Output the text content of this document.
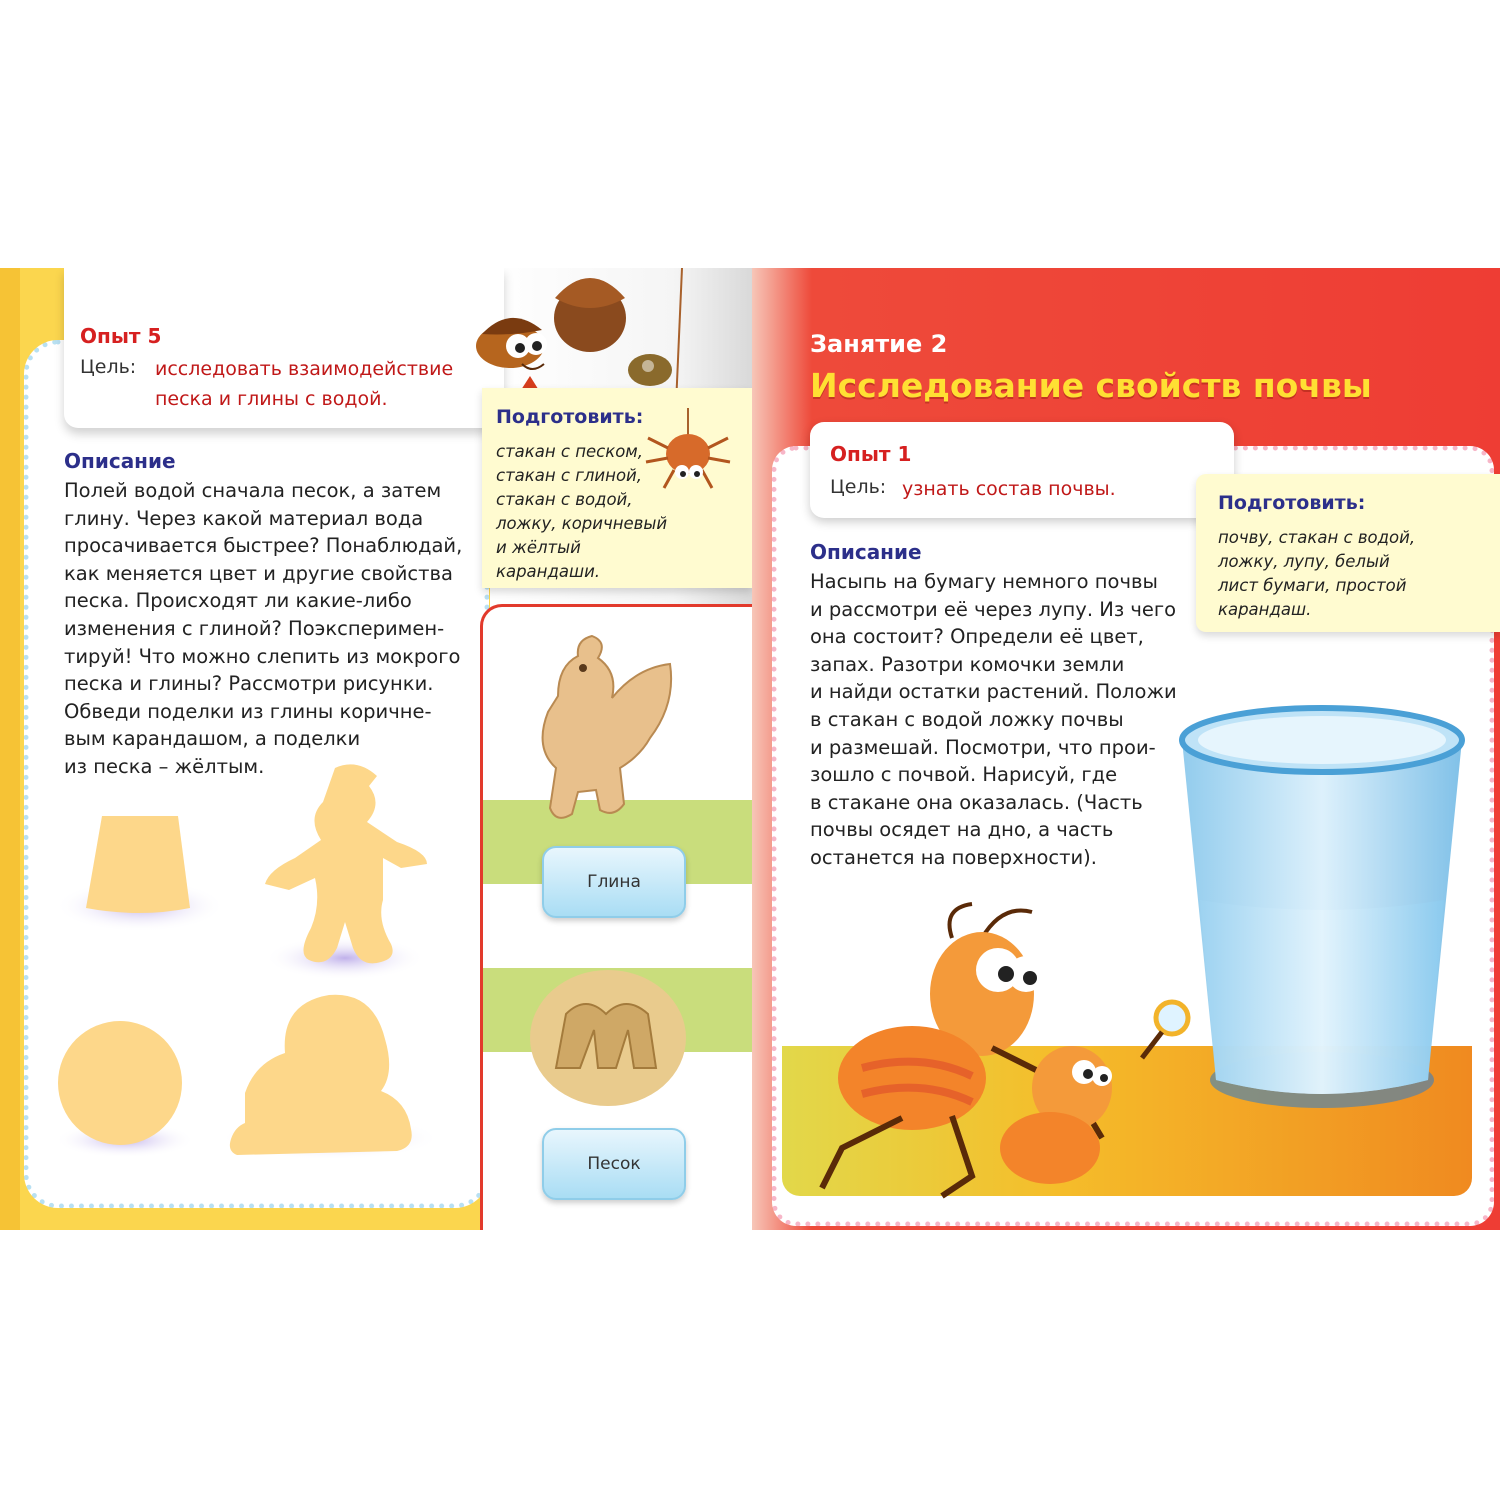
Опыт 5
Цель: исследовать взаимодействие
песка и глины с водой.
Описание
Полей водой сначала песок, а затем
глину. Через какой материал вода
просачивается быстрее? Понаблюдай,
как меняется цвет и другие свойства
песка. Происходят ли какие-либо
изменения с глиной? Поэксперимен-
тируй! Что можно слепить из мокрого
песка и глины? Рассмотри рисунки.
Обведи поделки из глины коричне-
вым карандашом, а поделки
из песка – жёлтым.
Подготовить:
стакан с песком,
стакан с глиной,
стакан с водой,
ложку, коричневый
и жёлтый
карандаши.
Глина
Песок
Занятие 2
Исследование свойств почвы
Опыт 1
Цель: узнать состав почвы.
Подготовить:
почву, стакан с водой,
ложку, лупу, белый
лист бумаги, простой
карандаш.
Описание
Насыпь на бумагу немного почвы
и рассмотри её через лупу. Из чего
она состоит? Определи её цвет,
запах. Разотри комочки земли
и найди остатки растений. Положи
в стакан с водой ложку почвы
и размешай. Посмотри, что прои-
зошло с почвой. Нарисуй, где
в стакане она оказалась. (Часть
почвы осядет на дно, а часть
останется на поверхности).
